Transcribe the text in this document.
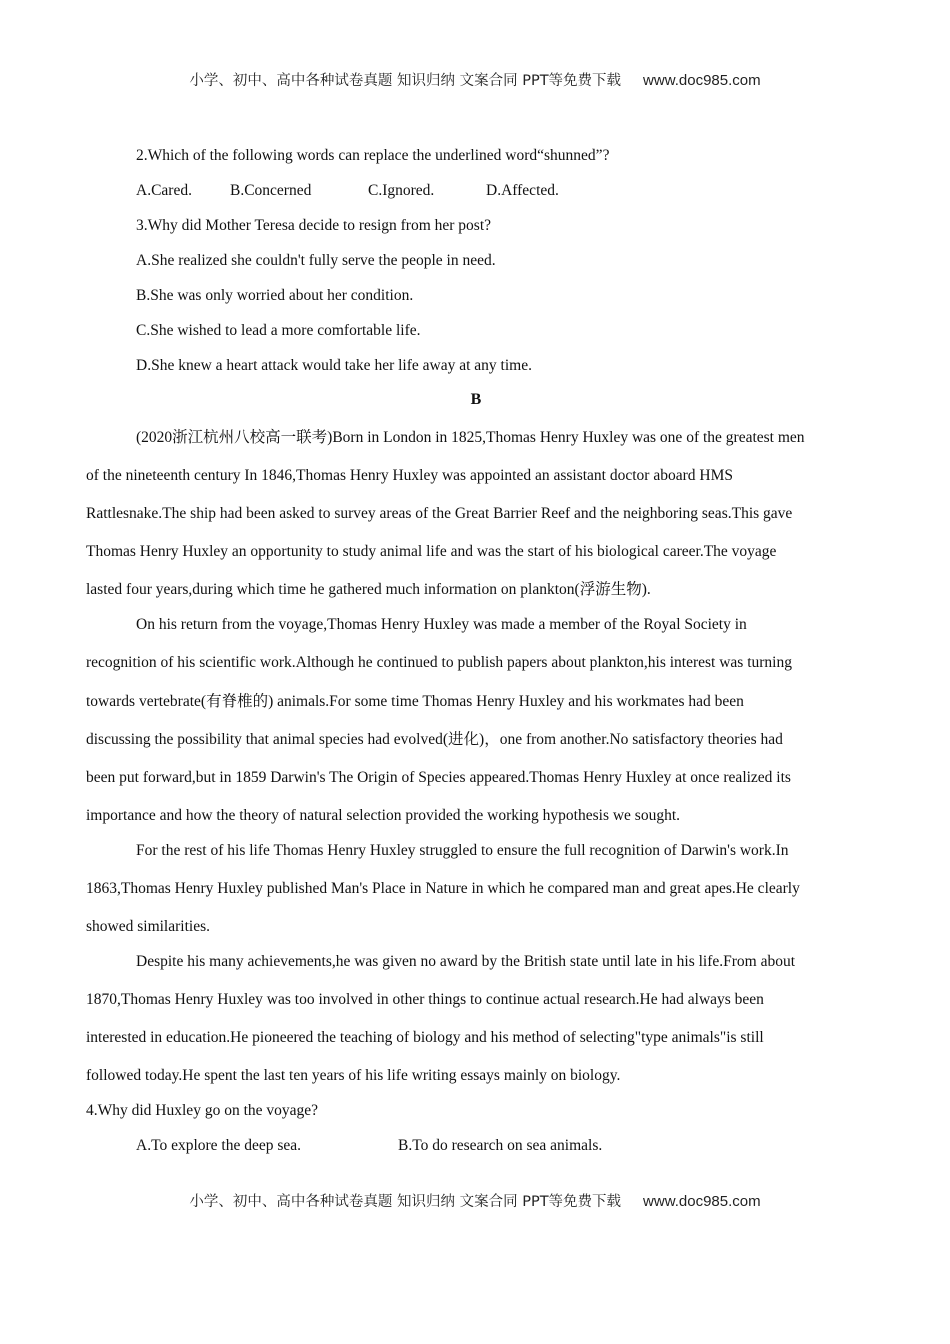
小学、初中、高中各种试卷真题 知识归纳 文案合同 PPT等免费下载 www.doc985.com
2.Which of the following words can replace the underlined word“shunned”?
A.Cared. B.Concerned	C.Ignored.	D.Affected.
3.Why did Mother Teresa decide to resign from her post?
A.She realized she couldn't fully serve the people in need.
B.She was only worried about her condition.
C.She wished to lead a more comfortable life.
D.She knew a heart attack would take her life away at any time.
B
(2020浙江杭州八校高一联考)Born in London in 1825,Thomas Henry Huxley was one of the greatest men
of the nineteenth century In 1846,Thomas Henry Huxley was appointed an assistant doctor aboard HMS
Rattlesnake.The ship had been asked to survey areas of the Great Barrier Reef and the neighboring seas.This gave
Thomas Henry Huxley an opportunity to study animal life and was the start of his biological career.The voyage
lasted four years,during which time he gathered much information on plankton(浮游生物).
On his return from the voyage,Thomas Henry Huxley was made a member of the Royal Society in
recognition of his scientific work.Although he continued to publish papers about plankton,his interest was turning
towards vertebrate(有脊椎的) animals.For some time Thomas Henry Huxley and his workmates had been
discussing the possibility that animal species had evolved(进化)，one from another.No satisfactory theories had
been put forward,but in 1859 Darwin's The Origin of Species appeared.Thomas Henry Huxley at once realized its
importance and how the theory of natural selection provided the working hypothesis we sought.
For the rest of his life Thomas Henry Huxley struggled to ensure the full recognition of Darwin's work.In
1863,Thomas Henry Huxley published Man's Place in Nature in which he compared man and great apes.He clearly
showed similarities.
Despite his many achievements,he was given no award by the British state until late in his life.From about
1870,Thomas Henry Huxley was too involved in other things to continue actual research.He had always been
interested in education.He pioneered the teaching of biology and his method of selecting"type animals"is still
followed today.He spent the last ten years of his life writing essays mainly on biology.
4.Why did Huxley go on the voyage?
A.To explore the deep sea.	B.To do research on sea animals.
小学、初中、高中各种试卷真题 知识归纳 文案合同 PPT等免费下载 www.doc985.com
